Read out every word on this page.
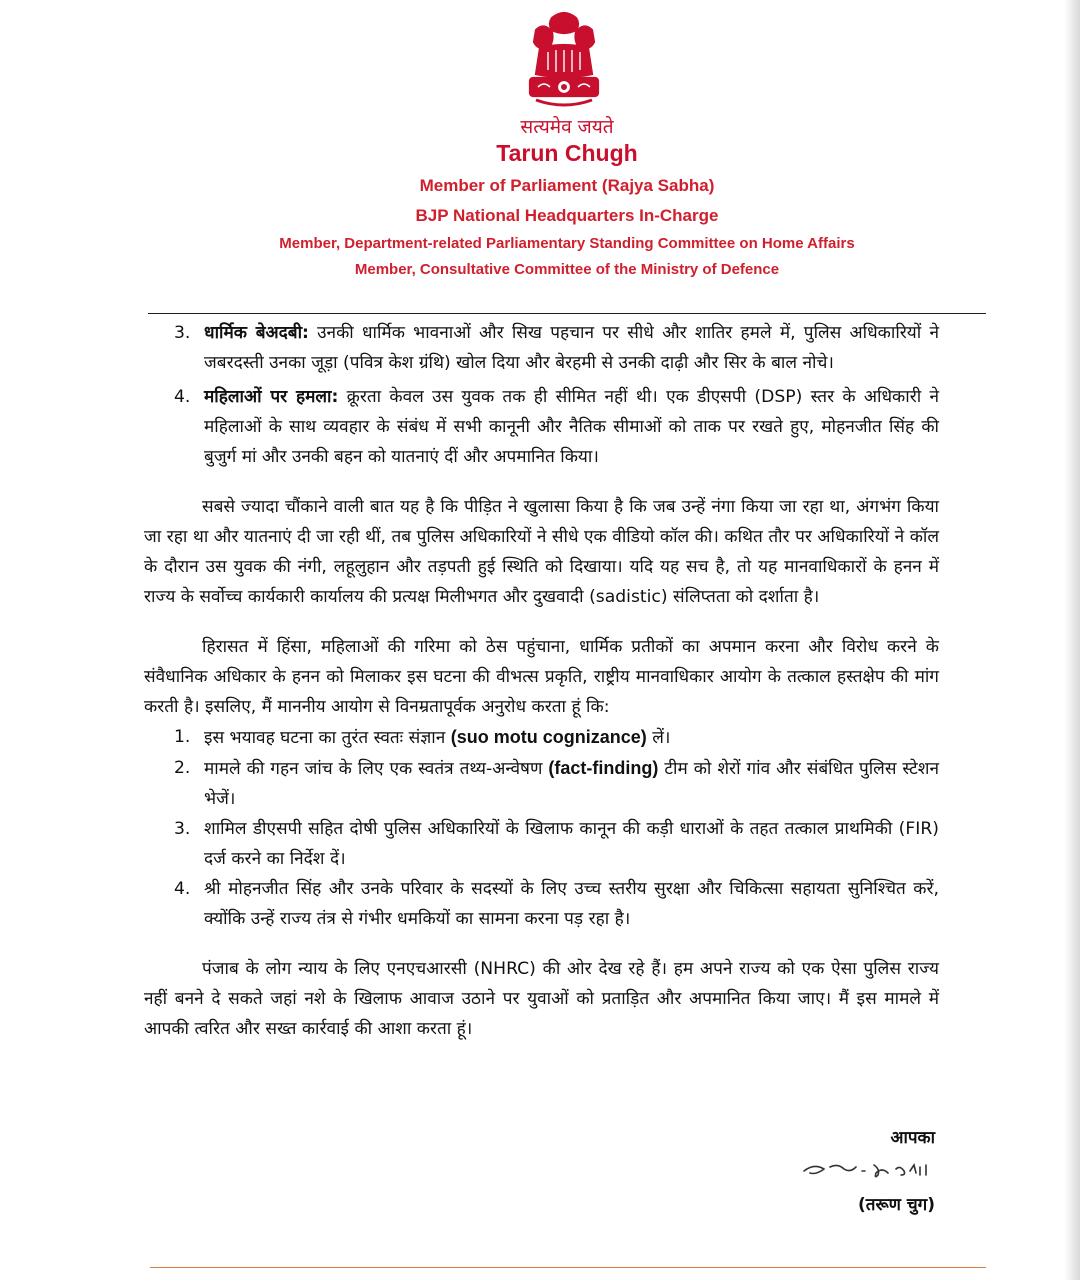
सत्यमेव जयते
Tarun Chugh
Member of Parliament (Rajya Sabha)
BJP National Headquarters In-Charge
Member, Department-related Parliamentary Standing Committee on Home Affairs
Member, Consultative Committee of the Ministry of Defence
3. धार्मिक बेअदबी: उनकी धार्मिक भावनाओं और सिख पहचान पर सीधे और शातिर हमले में, पुलिस अधिकारियों ने जबरदस्ती उनका जूड़ा (पवित्र केश ग्रंथि) खोल दिया और बेरहमी से उनकी दाढ़ी और सिर के बाल नोचे।
4. महिलाओं पर हमला: क्रूरता केवल उस युवक तक ही सीमित नहीं थी। एक डीएसपी (DSP) स्तर के अधिकारी ने महिलाओं के साथ व्यवहार के संबंध में सभी कानूनी और नैतिक सीमाओं को ताक पर रखते हुए, मोहनजीत सिंह की बुजुर्ग मां और उनकी बहन को यातनाएं दीं और अपमानित किया।
सबसे ज्यादा चौंकाने वाली बात यह है कि पीड़ित ने खुलासा किया है कि जब उन्हें नंगा किया जा रहा था, अंगभंग किया जा रहा था और यातनाएं दी जा रही थीं, तब पुलिस अधिकारियों ने सीधे एक वीडियो कॉल की। कथित तौर पर अधिकारियों ने कॉल के दौरान उस युवक की नंगी, लहूलुहान और तड़पती हुई स्थिति को दिखाया। यदि यह सच है, तो यह मानवाधिकारों के हनन में राज्य के सर्वोच्च कार्यकारी कार्यालय की प्रत्यक्ष मिलीभगत और दुखवादी (sadistic) संलिप्तता को दर्शाता है।
हिरासत में हिंसा, महिलाओं की गरिमा को ठेस पहुंचाना, धार्मिक प्रतीकों का अपमान करना और विरोध करने के संवैधानिक अधिकार के हनन को मिलाकर इस घटना की वीभत्स प्रकृति, राष्ट्रीय मानवाधिकार आयोग के तत्काल हस्तक्षेप की मांग करती है। इसलिए, मैं माननीय आयोग से विनम्रतापूर्वक अनुरोध करता हूं कि:
1. इस भयावह घटना का तुरंत स्वतः संज्ञान (suo motu cognizance) लें।
2. मामले की गहन जांच के लिए एक स्वतंत्र तथ्य-अन्वेषण (fact-finding) टीम को शेरों गांव और संबंधित पुलिस स्टेशन भेजें।
3. शामिल डीएसपी सहित दोषी पुलिस अधिकारियों के खिलाफ कानून की कड़ी धाराओं के तहत तत्काल प्राथमिकी (FIR) दर्ज करने का निर्देश दें।
4. श्री मोहनजीत सिंह और उनके परिवार के सदस्यों के लिए उच्च स्तरीय सुरक्षा और चिकित्सा सहायता सुनिश्चित करें, क्योंकि उन्हें राज्य तंत्र से गंभीर धमकियों का सामना करना पड़ रहा है।
पंजाब के लोग न्याय के लिए एनएचआरसी (NHRC) की ओर देख रहे हैं। हम अपने राज्य को एक ऐसा पुलिस राज्य नहीं बनने दे सकते जहां नशे के खिलाफ आवाज उठाने पर युवाओं को प्रताड़ित और अपमानित किया जाए। मैं इस मामले में आपकी त्वरित और सख्त कार्रवाई की आशा करता हूं।
आपका
(तरूण चुग)
